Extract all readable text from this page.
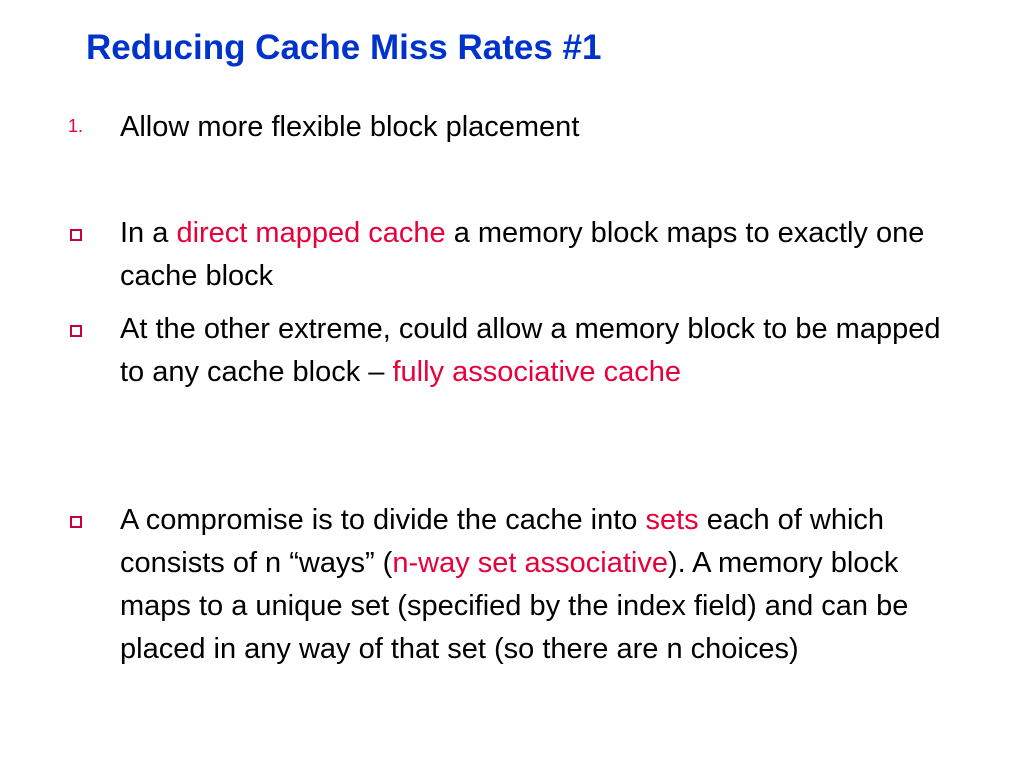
Reducing Cache Miss Rates #1
1. Allow more flexible block placement
In a direct mapped cache a memory block maps to exactly one cache block
At the other extreme, could allow a memory block to be mapped to any cache block – fully associative cache
A compromise is to divide the cache into sets each of which consists of n “ways” (n-way set associative). A memory block maps to a unique set (specified by the index field) and can be placed in any way of that set (so there are n choices)
